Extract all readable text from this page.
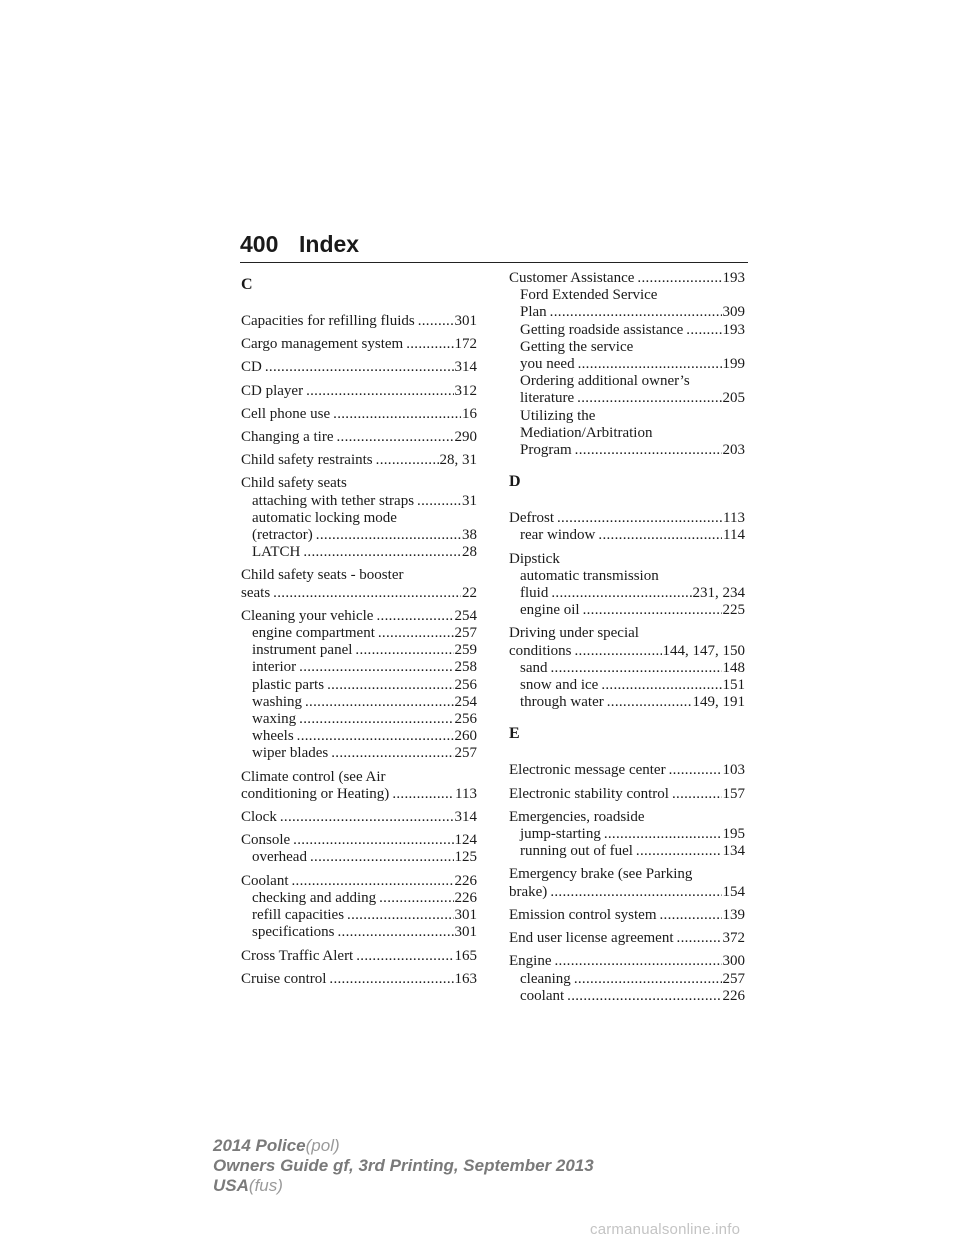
400 Index
C
Capacities for refilling fluids .....	301
Cargo management system .....	172
CD .....	314
CD player .....	312
Cell phone use .....	16
Changing a tire .....	290
Child safety restraints .....	28, 31
Child safety seats
attaching with tether straps .....	31
automatic locking mode
(retractor) .....	38
LATCH .....	28
Child safety seats - booster
seats .....	22
Cleaning your vehicle .....	254
engine compartment .....	257
instrument panel .....	259
interior .....	258
plastic parts .....	256
washing .....	254
waxing .....	256
wheels .....	260
wiper blades .....	257
Climate control (see Air
conditioning or Heating) .....	113
Clock .....	314
Console .....	124
overhead .....	125
Coolant .....	226
checking and adding .....	226
refill capacities .....	301
specifications .....	301
Cross Traffic Alert .....	165
Cruise control .....	163
Customer Assistance .....	193
Ford Extended Service
Plan .....	309
Getting roadside assistance .....	193
Getting the service
you need .....	199
Ordering additional owner’s
literature .....	205
Utilizing the
Mediation/Arbitration
Program .....	203
D
Defrost .....	113
rear window .....	114
Dipstick
automatic transmission
fluid .....	231, 234
engine oil .....	225
Driving under special
conditions .....	144, 147, 150
sand .....	148
snow and ice .....	151
through water .....	149, 191
E
Electronic message center .....	103
Electronic stability control .....	157
Emergencies, roadside
jump-starting .....	195
running out of fuel .....	134
Emergency brake (see Parking
brake) .....	154
Emission control system .....	139
End user license agreement .....	372
Engine .....	300
cleaning .....	257
coolant .....	226
2014 Police(pol)
Owners Guide gf, 3rd Printing, September 2013
USA(fus)
carmanualsonline.info
